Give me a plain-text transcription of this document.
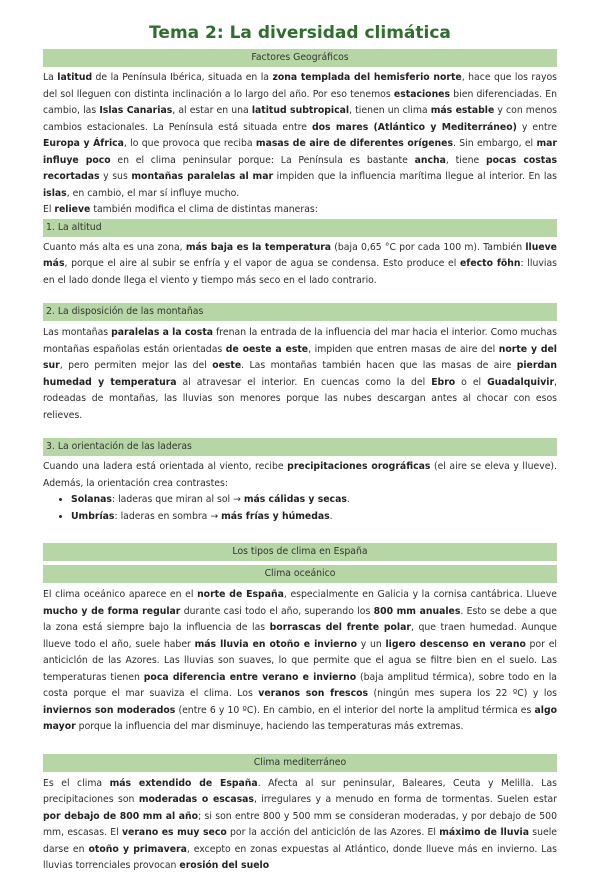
Tema 2: La diversidad climática
Factores Geográficos

La latitud de la Península Ibérica, situada en la zona templada del hemisferio norte, hace que los rayos del sol lleguen con distinta inclinación a lo largo del año. Por eso tenemos estaciones bien diferenciadas. En cambio, las Islas Canarias, al estar en una latitud subtropical, tienen un clima más estable y con menos cambios estacionales. La Península está situada entre dos mares (Atlántico y Mediterráneo) y entre Europa y África, lo que provoca que reciba masas de aire de diferentes orígenes. Sin embargo, el mar influye poco en el clima peninsular porque: La Península es bastante ancha, tiene pocas costas recortadas y sus montañas paralelas al mar impiden que la influencia marítima llegue al interior. En las islas, en cambio, el mar sí influye mucho.

El relieve también modifica el clima de distintas maneras:

1. La altitud

Cuanto más alta es una zona, más baja es la temperatura (baja 0,65 °C por cada 100 m). También llueve más, porque el aire al subir se enfría y el vapor de agua se condensa. Esto produce el efecto föhn: lluvias en el lado donde llega el viento y tiempo más seco en el lado contrario.

2. La disposición de las montañas

Las montañas paralelas a la costa frenan la entrada de la influencia del mar hacia el interior. Como muchas montañas españolas están orientadas de oeste a este, impiden que entren masas de aire del norte y del sur, pero permiten mejor las del oeste. Las montañas también hacen que las masas de aire pierdan humedad y temperatura al atravesar el interior. En cuencas como la del Ebro o el Guadalquivir, rodeadas de montañas, las lluvias son menores porque las nubes descargan antes al chocar con esos relieves.

3. La orientación de las laderas

Cuando una ladera está orientada al viento, recibe precipitaciones orográficas (el aire se eleva y llueve). Además, la orientación crea contrastes:

• Solanas: laderas que miran al sol → más cálidas y secas.
• Umbrías: laderas en sombra → más frías y húmedas.
Los tipos de clima en España
Clima oceánico

El clima oceánico aparece en el norte de España, especialmente en Galicia y la cornisa cantábrica. Llueve mucho y de forma regular durante casi todo el año, superando los 800 mm anuales. Esto se debe a que la zona está siempre bajo la influencia de las borrascas del frente polar, que traen humedad. Aunque llueve todo el año, suele haber más lluvia en otoño e invierno y un ligero descenso en verano por el anticiclón de las Azores. Las lluvias son suaves, lo que permite que el agua se filtre bien en el suelo. Las temperaturas tienen poca diferencia entre verano e invierno (baja amplitud térmica), sobre todo en la costa porque el mar suaviza el clima. Los veranos son frescos (ningún mes supera los 22 ºC) y los inviernos son moderados (entre 6 y 10 ºC). En cambio, en el interior del norte la amplitud térmica es algo mayor porque la influencia del mar disminuye, haciendo las temperaturas más extremas.

Clima mediterráneo

Es el clima más extendido de España. Afecta al sur peninsular, Baleares, Ceuta y Melilla. Las precipitaciones son moderadas o escasas, irregulares y a menudo en forma de tormentas. Suelen estar por debajo de 800 mm al año; si son entre 800 y 500 mm se consideran moderadas, y por debajo de 500 mm, escasas. El verano es muy seco por la acción del anticiclón de las Azores. El máximo de lluvia suele darse en otoño y primavera, excepto en zonas expuestas al Atlántico, donde llueve más en invierno. Las lluvias torrenciales provocan erosión del suelo
